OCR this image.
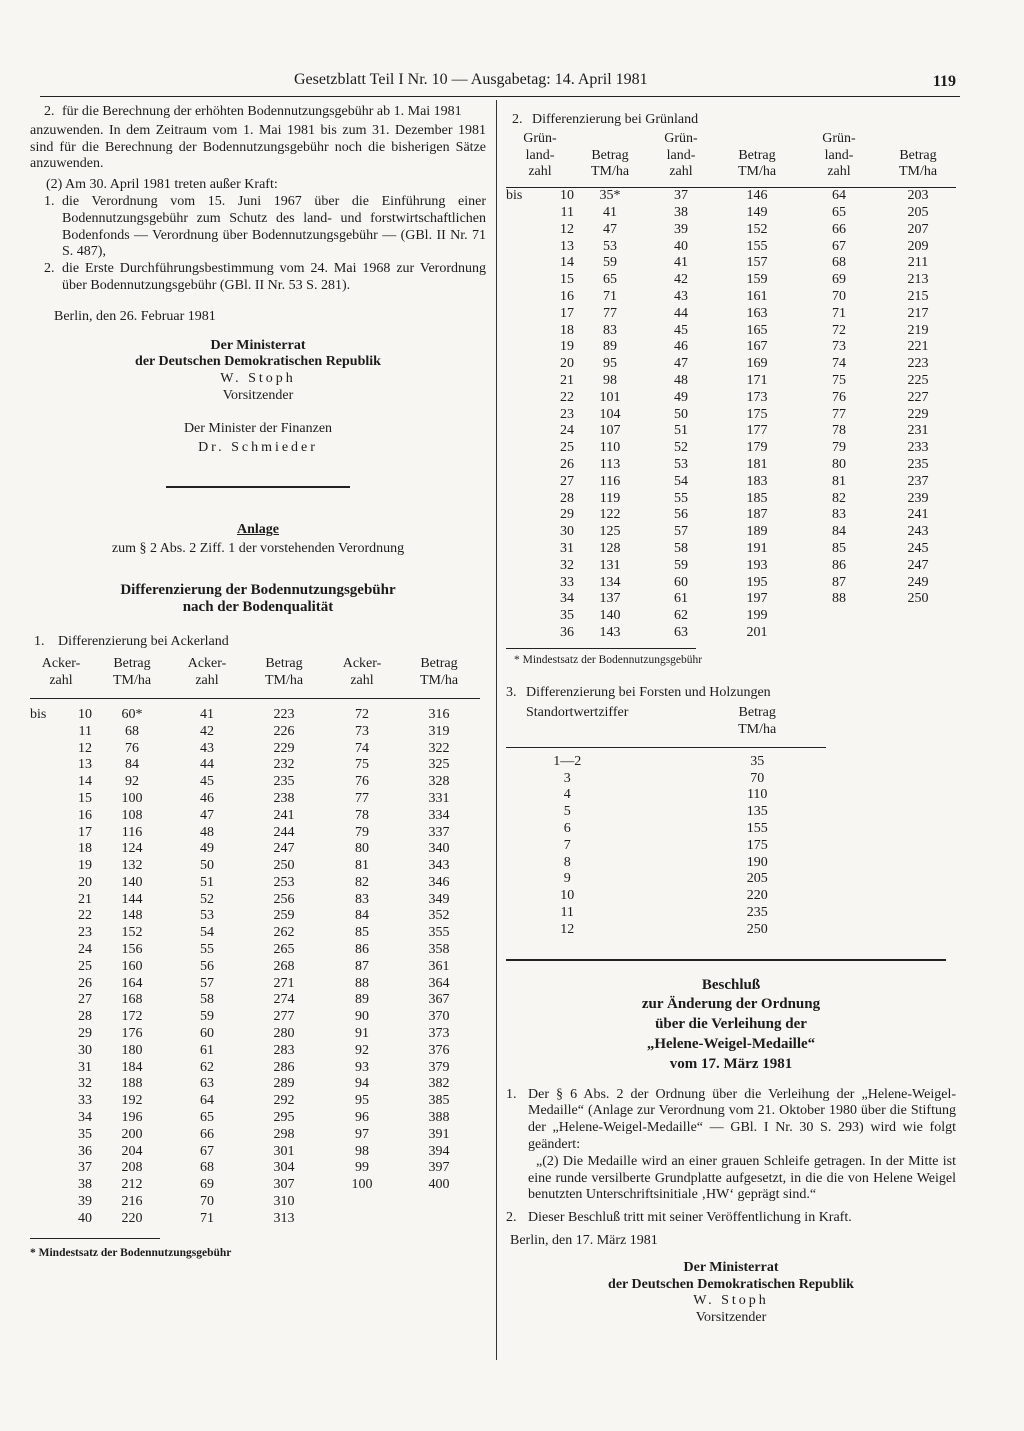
Gesetzblatt Teil I Nr. 10 — Ausgabetag: 14. April 1981	119
2. für die Berechnung der erhöhten Bodennutzungsgebühr ab 1. Mai 1981

anzuwenden. In dem Zeitraum vom 1. Mai 1981 bis zum 31. Dezember 1981 sind für die Berechnung der Bodennutzungsgebühr noch die bisherigen Sätze anzuwenden.

(2) Am 30. April 1981 treten außer Kraft:

1. die Verordnung vom 15. Juni 1967 über die Einführung einer Bodennutzungsgebühr zum Schutz des land- und forstwirtschaftlichen Bodenfonds — Verordnung über Bodennutzungsgebühr — (GBl. II Nr. 71 S. 487),
2. die Erste Durchführungsbestimmung vom 24. Mai 1968 zur Verordnung über Bodennutzungsgebühr (GBl. II Nr. 53 S. 281).

Berlin, den 26. Februar 1981

Der Ministerrat

der Deutschen Demokratischen Republik

W. Stoph

Vorsitzender

Der Minister der Finanzen

Dr. Schmieder

Anlage

zum § 2 Abs. 2 Ziff. 1 der vorstehenden Verordnung

Differenzierung der Bodennutzungsgebühr

nach der Bodenqualität

1. Differenzierung bei Ackerland
Acker-
zahl		Betrag
TM/ha	Acker-
zahl	Betrag
TM/ha	Acker-
zahl	Betrag
TM/ha

bis	10	60*	41	223	72	316
	11	68	42	226	73	319
	12	76	43	229	74	322
	13	84	44	232	75	325
	14	92	45	235	76	328
	15	100	46	238	77	331
	16	108	47	241	78	334
	17	116	48	244	79	337
	18	124	49	247	80	340
	19	132	50	250	81	343
	20	140	51	253	82	346
	21	144	52	256	83	349
	22	148	53	259	84	352
	23	152	54	262	85	355
	24	156	55	265	86	358
	25	160	56	268	87	361
	26	164	57	271	88	364
	27	168	58	274	89	367
	28	172	59	277	90	370
	29	176	60	280	91	373
	30	180	61	283	92	376
	31	184	62	286	93	379
	32	188	63	289	94	382
	33	192	64	292	95	385
	34	196	65	295	96	388
	35	200	66	298	97	391
	36	204	67	301	98	394
	37	208	68	304	99	397
	38	212	69	307	100	400
	39	216	70	310		
	40	220	71	313		

* Mindestsatz der Bodennutzungsgebühr

2. Differenzierung bei Grünland
Grün-
land-
zahl		Betrag
TM/ha	Grün-
land-
zahl	Betrag
TM/ha	Grün-
land-
zahl	Betrag
TM/ha

bis	10	35*	37	146	64	203
	11	41	38	149	65	205
	12	47	39	152	66	207
	13	53	40	155	67	209
	14	59	41	157	68	211
	15	65	42	159	69	213
	16	71	43	161	70	215
	17	77	44	163	71	217
	18	83	45	165	72	219
	19	89	46	167	73	221
	20	95	47	169	74	223
	21	98	48	171	75	225
	22	101	49	173	76	227
	23	104	50	175	77	229
	24	107	51	177	78	231
	25	110	52	179	79	233
	26	113	53	181	80	235
	27	116	54	183	81	237
	28	119	55	185	82	239
	29	122	56	187	83	241
	30	125	57	189	84	243
	31	128	58	191	85	245
	32	131	59	193	86	247
	33	134	60	195	87	249
	34	137	61	197	88	250
	35	140	62	199		
	36	143	63	201		

* Mindestsatz der Bodennutzungsgebühr

3. Differenzierung bei Forsten und Holzungen
Standortwertziffer	Betrag
TM/ha

1—2	35
3	70
4	110
5	135
6	155
7	175
8	190
9	205
10	220
11	235
12	250

Beschluß

zur Änderung der Ordnung

über die Verleihung der

„Helene-Weigel-Medaille“

vom 17. März 1981

1. Der § 6 Abs. 2 der Ordnung über die Verleihung der „Helene-Weigel-Medaille“ (Anlage zur Verordnung vom 21. Oktober 1980 über die Stiftung der „Helene-Weigel-Medaille“ — GBl. I Nr. 30 S. 293) wird wie folgt geändert:

„(2) Die Medaille wird an einer grauen Schleife getragen. In der Mitte ist eine runde versilberte Grundplatte aufgesetzt, in die die von Helene Weigel benutzten Unterschriftsinitiale ‚HW‘ geprägt sind.“

2. Dieser Beschluß tritt mit seiner Veröffentlichung in Kraft.

Berlin, den 17. März 1981

Der Ministerrat

der Deutschen Demokratischen Republik

W. Stoph

Vorsitzender
